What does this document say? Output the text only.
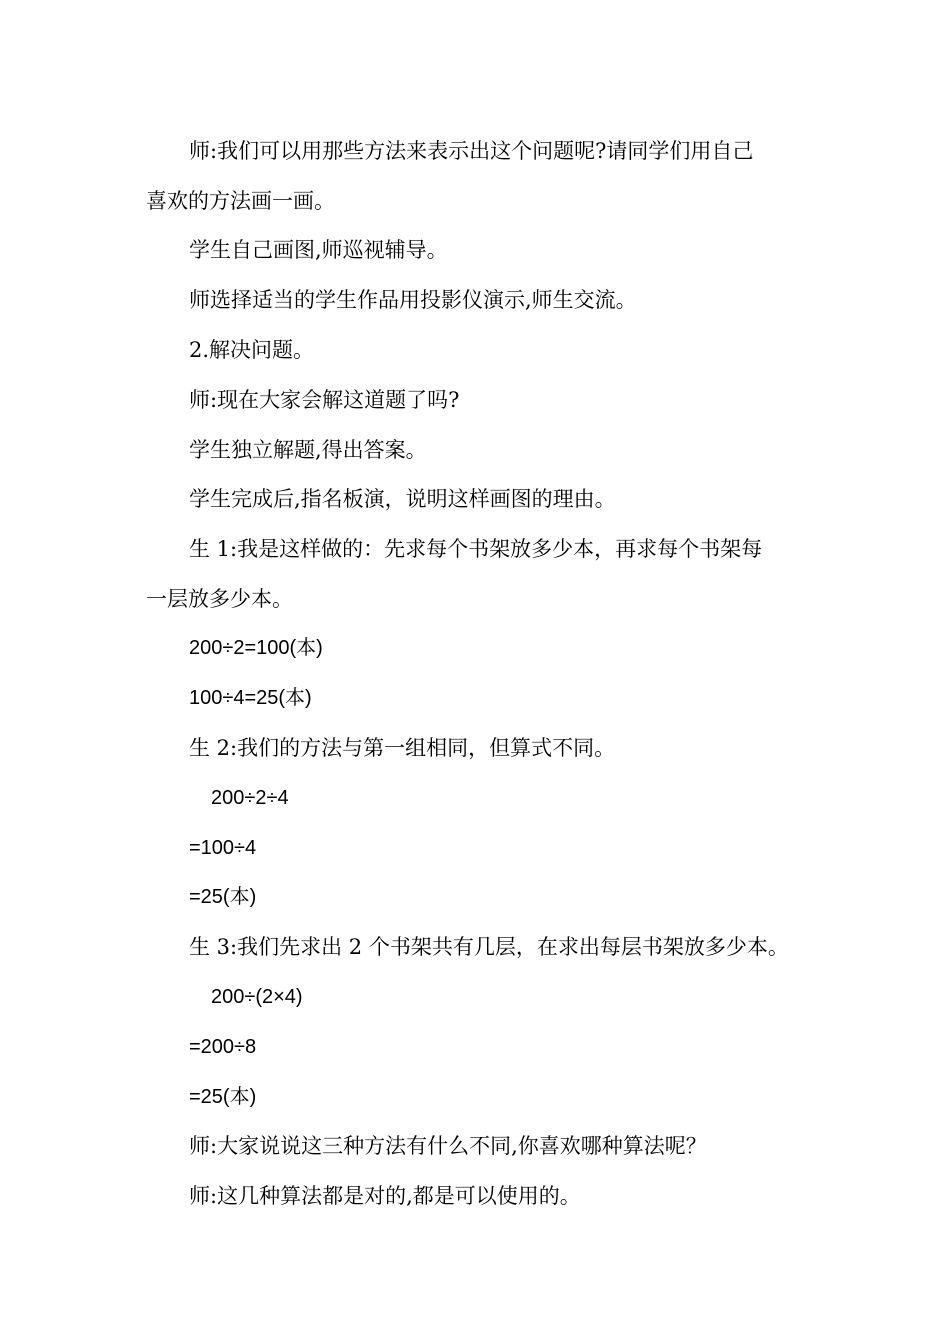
师:我们可以用那些方法来表示出这个问题呢?请同学们用自己
喜欢的方法画一画。
学生自己画图,师巡视辅导。
师选择适当的学生作品用投影仪演示,师生交流。
2.解决问题。
师:现在大家会解这道题了吗?
学生独立解题,得出答案。
学生完成后,指名板演，说明这样画图的理由。
生 1:我是这样做的：先求每个书架放多少本，再求每个书架每
一层放多少本。
200÷2=100(本)
100÷4=25(本)
生 2:我们的方法与第一组相同，但算式不同。
200÷2÷4
=100÷4
=25(本)
生 3:我们先求出 2 个书架共有几层，在求出每层书架放多少本。
200÷(2×4)
=200÷8
=25(本)
师:大家说说这三种方法有什么不同,你喜欢哪种算法呢？
师:这几种算法都是对的,都是可以使用的。
